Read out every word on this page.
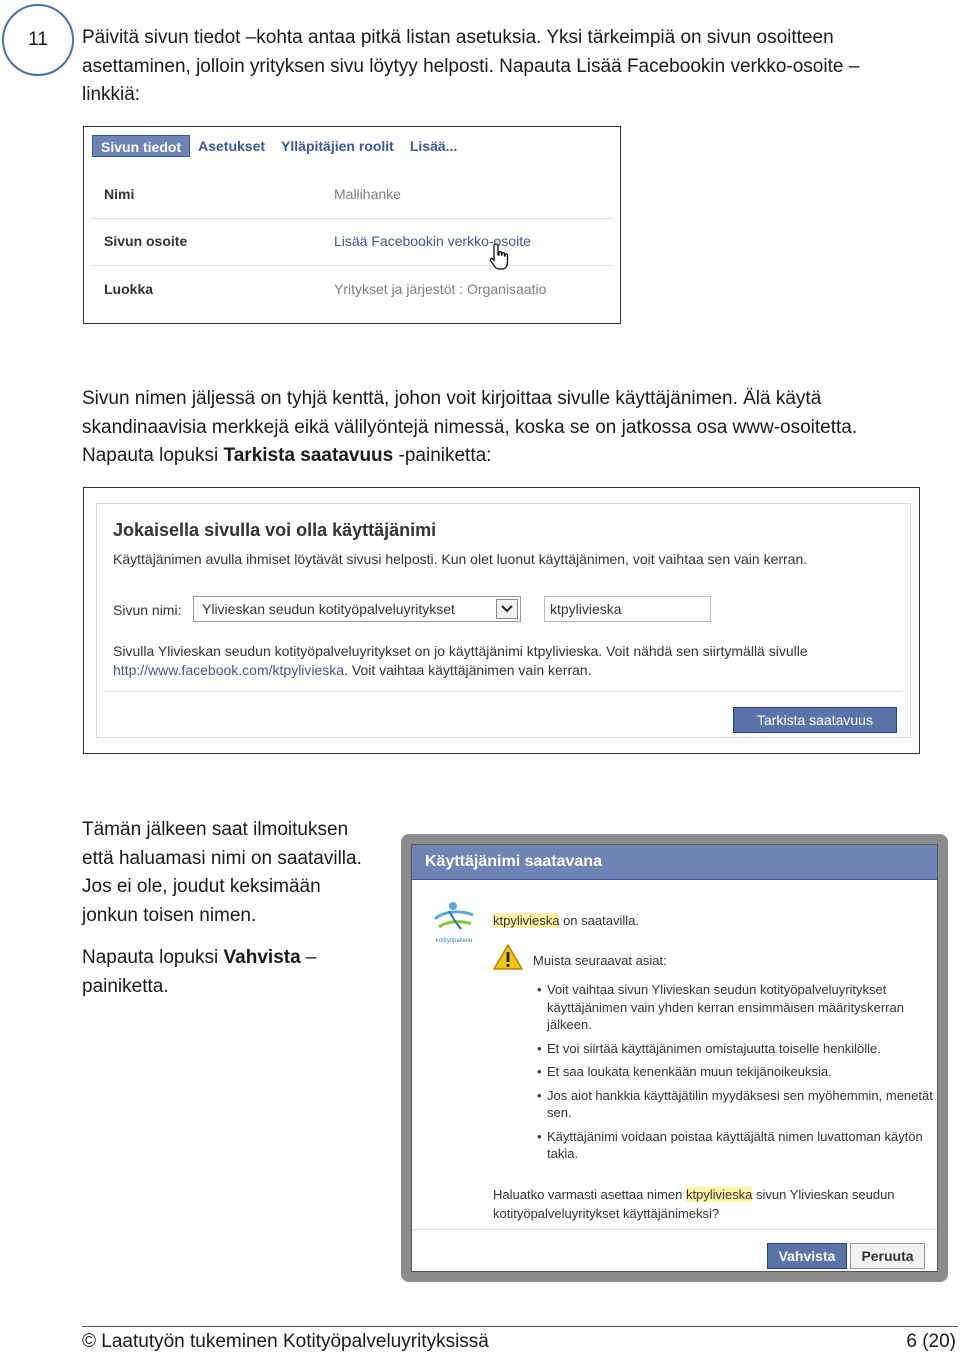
11 Päivitä sivun tiedot –kohta antaa pitkä listan asetuksia. Yksi tärkeimpiä on sivun osoitteen
asettaminen, jolloin yrityksen sivu löytyy helposti. Napauta Lisää Facebookin verkko-osoite –
linkkiä:
Sivun tiedot	Asetukset	Ylläpitäjien roolit	Lisää...
Nimi	Mallihanke
Sivun osoite	Lisää Facebookin verkko-osoite
Luokka	Yritykset ja järjestöt : Organisaatio
Sivun nimen jäljessä on tyhjä kenttä, johon voit kirjoittaa sivulle käyttäjänimen. Älä käytä
skandinaavisia merkkejä eikä välilyöntejä nimessä, koska se on jatkossa osa www-osoitetta.
Napauta lopuksi Tarkista saatavuus -painiketta:
Jokaisella sivulla voi olla käyttäjänimi
Käyttäjänimen avulla ihmiset löytävät sivusi helposti. Kun olet luonut käyttäjänimen, voit vaihtaa sen vain kerran.
Sivun nimi: Ylivieskan seudun kotityöpalveluyritykset	ktpylivieska
Sivulla Ylivieskan seudun kotityöpalveluyritykset on jo käyttäjänimi ktpylivieska. Voit nähdä sen siirtymällä sivulle
http://www.facebook.com/ktpylivieska. Voit vaihtaa käyttäjänimen vain kerran.
Tarkista saatavuus
Tämän jälkeen saat ilmoituksen
että haluamasi nimi on saatavilla.
Jos ei ole, joudut keksimään
jonkun toisen nimen.
Napauta lopuksi Vahvista –
painiketta.
Käyttäjänimi saatavana
kotityöpalvelu
ktpylivieska on saatavilla.
Muista seuraavat asiat:
• Voit vaihtaa sivun Ylivieskan seudun kotityöpalveluyritykset käyttäjänimen vain yhden kerran ensimmäisen määrityskerran jälkeen.
• Et voi siirtää käyttäjänimen omistajuutta toiselle henkilölle.
• Et saa loukata kenenkään muun tekijänoikeuksia.
• Jos aiot hankkia käyttäjätilin myydäksesi sen myöhemmin, menetät sen.
• Käyttäjänimi voidaan poistaa käyttäjältä nimen luvattoman käytön takia.
Haluatko varmasti asettaa nimen ktpylivieska sivun Ylivieskan seudun kotityöpalveluyritykset käyttäjänimeksi?
Vahvista	Peruuta
© Laatutyön tukeminen Kotityöpalveluyrityksissä	6 (20)
